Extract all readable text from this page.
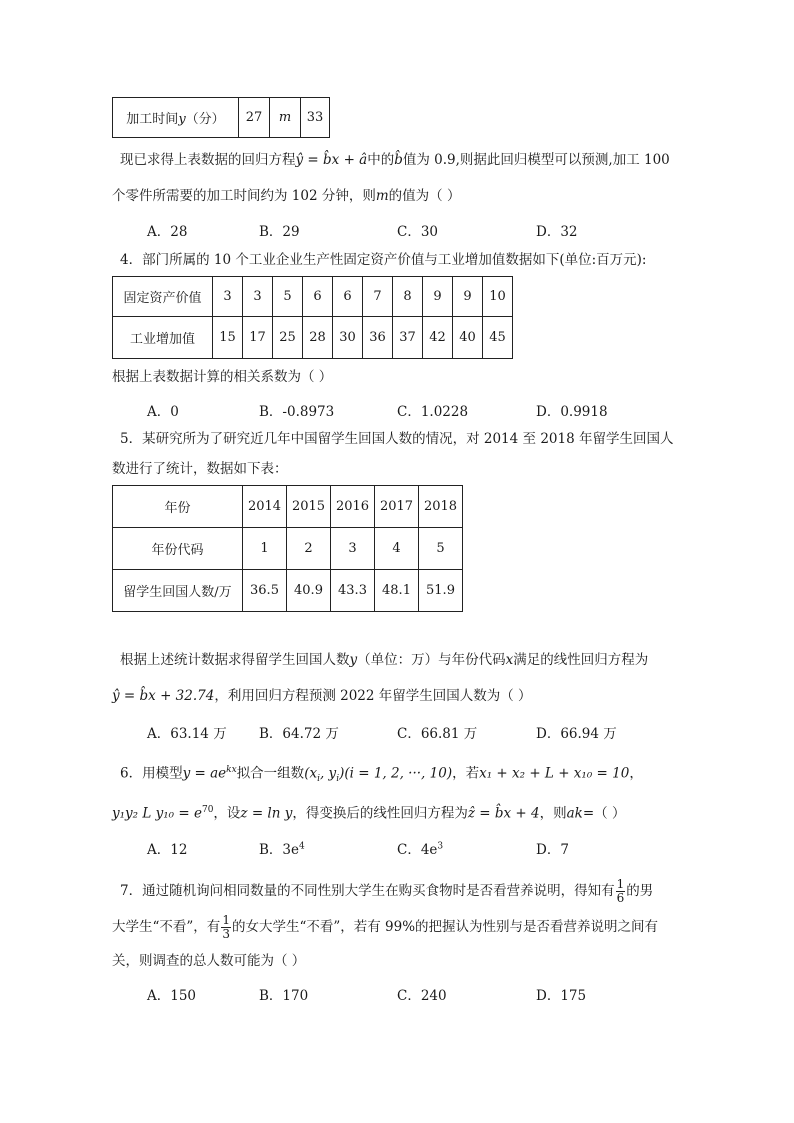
加工时间y（分）	27	m	33
现已求得上表数据的回归方程ŷ = b̂x + â中的b̂值为 0.9,则据此回归模型可以预测,加工 100
个零件所需要的加工时间约为 102 分钟，则m的值为（ ）
A．28	B．29	C．30	D．32
4．部门所属的 10 个工业企业生产性固定资产价值与工业增加值数据如下(单位:百万元):
固定资产价值	3	3	5	6	6	7	8	9	9	10
工业增加值	15	17	25	28	30	36	37	42	40	45
根据上表数据计算的相关系数为（ ）
A．0	B．-0.8973	C．1.0228	D．0.9918
5．某研究所为了研究近几年中国留学生回国人数的情况，对 2014 至 2018 年留学生回国人
数进行了统计，数据如下表：
年份	2014	2015	2016	2017	2018
年份代码	1	2	3	4	5
留学生回国人数/万	36.5	40.9	43.3	48.1	51.9
根据上述统计数据求得留学生回国人数y（单位：万）与年份代码x满足的线性回归方程为
ŷ = b̂x + 32.74，利用回归方程预测 2022 年留学生回国人数为（ ）
A．63.14 万 B．64.72 万	C．66.81 万	D．66.94 万
6．用模型$y = ae^{kx}$拟合一组数($x_i$, $y_i)(i = 1$, 2, ···, 10)，若x₁ + x₂ + L + x₁₀ = 10，
y₁y₂ L $y_{10} = e^{70}$，设z = ln y，得变换后的线性回归方程为ẑ = b̂x + 4，则ak=（ ）
A．12	B．$3e^4$	C．$4e^3$	D．7
7．通过随机询问相同数量的不同性别大学生在购买食物时是否看营养说明，得知有 $\frac{1}{6}$ 的男
大学生“不看”，有 $\frac{1}{3}$ 的女大学生“不看”，若有 99%的把握认为性别与是否看营养说明之间有
关，则调查的总人数可能为（ ）
A．150	B．170	C．240	D．175
